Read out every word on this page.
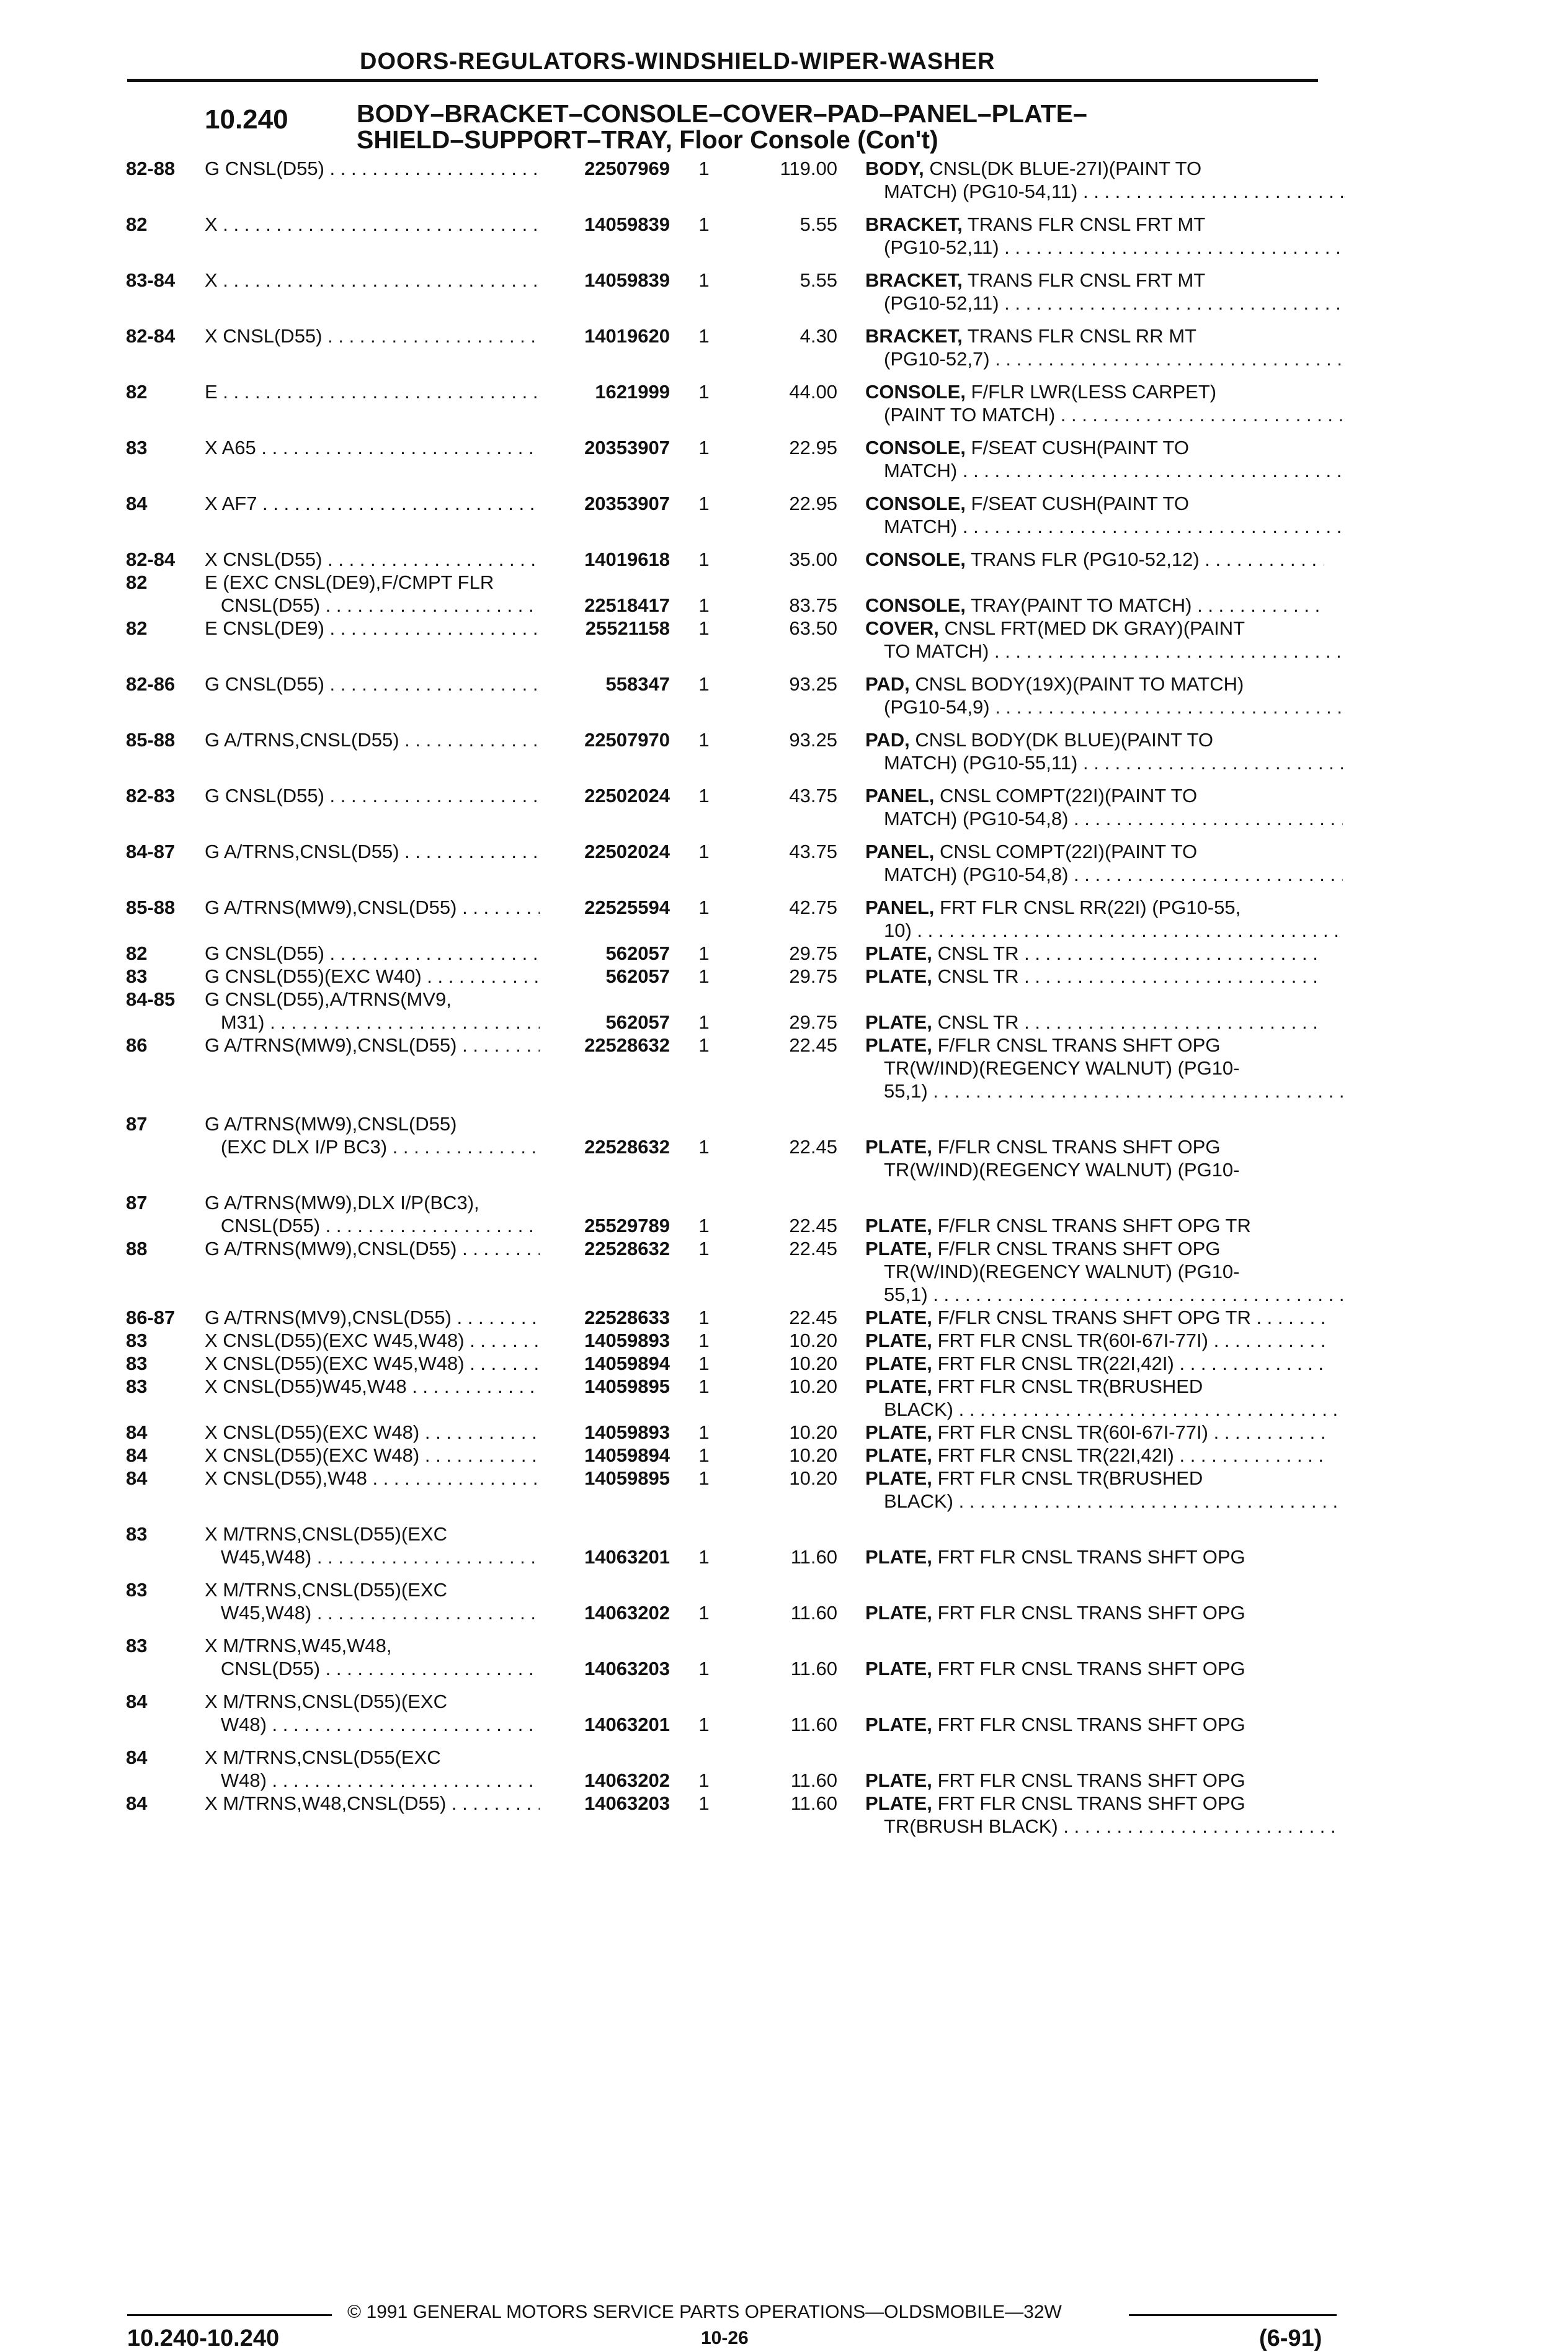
DOORS-REGULATORS-WINDSHIELD-WIPER-WASHER
10.240	BODY–BRACKET–CONSOLE–COVER–PAD–PANEL–PLATE–
SHIELD–SUPPORT–TRAY, Floor Console (Con't)
82-88 G CNSL(D55) . . .	22507969 1	119.00 BODY, CNSL(DK BLUE-27I)(PAINT TO
MATCH) (PG10-54,11) . . .
82	X . . .	14059839 1	5.55 BRACKET, TRANS FLR CNSL FRT MT
(PG10-52,11) . . .
83-84 X . . .	14059839 1	5.55 BRACKET, TRANS FLR CNSL FRT MT
(PG10-52,11) . . .
82-84 X CNSL(D55) . . .	14019620 1	4.30 BRACKET, TRANS FLR CNSL RR MT
(PG10-52,7) . . .
82	E . . .	1621999 1	44.00 CONSOLE, F/FLR LWR(LESS CARPET)
(PAINT TO MATCH) . . .
83	X A65 . . .	20353907 1	22.95 CONSOLE, F/SEAT CUSH(PAINT TO
MATCH) . . .
84	X AF7 . . .	20353907 1	22.95 CONSOLE, F/SEAT CUSH(PAINT TO
MATCH) . . .
82-84 X CNSL(D55) . . .	14019618 1	35.00 CONSOLE, TRANS FLR (PG10-52,12) . . .
82	E (EXC CNSL(DE9),F/CMPT FLR
CNSL(D55) . . .	22518417 1	83.75 CONSOLE, TRAY(PAINT TO MATCH) . . .
82	E CNSL(DE9) . . .	25521158 1	63.50 COVER, CNSL FRT(MED DK GRAY)(PAINT
TO MATCH) . . .
82-86 G CNSL(D55) . . .	558347 1	93.25 PAD, CNSL BODY(19X)(PAINT TO MATCH)
(PG10-54,9) . . .
85-88 G A/TRNS,CNSL(D55) . . .	22507970 1	93.25 PAD, CNSL BODY(DK BLUE)(PAINT TO
MATCH) (PG10-55,11) . . .
82-83 G CNSL(D55) . . .	22502024 1	43.75 PANEL, CNSL COMPT(22I)(PAINT TO
MATCH) (PG10-54,8) . . .
84-87 G A/TRNS,CNSL(D55) . . .	22502024 1	43.75 PANEL, CNSL COMPT(22I)(PAINT TO
MATCH) (PG10-54,8) . . .
85-88 G A/TRNS(MW9),CNSL(D55) . . .	22525594 1	42.75 PANEL, FRT FLR CNSL RR(22I) (PG10-55,
10) . . .
82	G CNSL(D55) . . .	562057 1	29.75 PLATE, CNSL TR . . .
83	G CNSL(D55)(EXC W40) . . .	562057 1	29.75 PLATE, CNSL TR . . .
84-85 G CNSL(D55),A/TRNS(MV9,
M31) . . .	562057 1	29.75 PLATE, CNSL TR . . .
86	G A/TRNS(MW9),CNSL(D55) . . .	22528632 1	22.45 PLATE, F/FLR CNSL TRANS SHFT OPG
TR(W/IND)(REGENCY WALNUT) (PG10-
55,1) . . .
87	G A/TRNS(MW9),CNSL(D55)
(EXC DLX I/P BC3) . . .	22528632 1	22.45 PLATE, F/FLR CNSL TRANS SHFT OPG
TR(W/IND)(REGENCY WALNUT) (PG10-
87	G A/TRNS(MW9),DLX I/P(BC3),
CNSL(D55) . . .	25529789 1	22.45 PLATE, F/FLR CNSL TRANS SHFT OPG TR
88	G A/TRNS(MW9),CNSL(D55) . . .	22528632 1	22.45 PLATE, F/FLR CNSL TRANS SHFT OPG
TR(W/IND)(REGENCY WALNUT) (PG10-
55,1) . . .
86-87 G A/TRNS(MV9),CNSL(D55) . . .	22528633 1	22.45 PLATE, F/FLR CNSL TRANS SHFT OPG TR . . .
83	X CNSL(D55)(EXC W45,W48) . . .	14059893 1	10.20 PLATE, FRT FLR CNSL TR(60I-67I-77I) . . .
83	X CNSL(D55)(EXC W45,W48) . . .	14059894 1	10.20 PLATE, FRT FLR CNSL TR(22I,42I) . . .
83	X CNSL(D55)W45,W48 . . .	14059895 1	10.20 PLATE, FRT FLR CNSL TR(BRUSHED
BLACK) . . .
84	X CNSL(D55)(EXC W48) . . .	14059893 1	10.20 PLATE, FRT FLR CNSL TR(60I-67I-77I) . . .
84	X CNSL(D55)(EXC W48) . . .	14059894 1	10.20 PLATE, FRT FLR CNSL TR(22I,42I) . . .
84	X CNSL(D55),W48 . . .	14059895 1	10.20 PLATE, FRT FLR CNSL TR(BRUSHED
BLACK) . . .
83	X M/TRNS,CNSL(D55)(EXC
W45,W48) . . .	14063201 1	11.60 PLATE, FRT FLR CNSL TRANS SHFT OPG
83	X M/TRNS,CNSL(D55)(EXC
W45,W48) . . .	14063202 1	11.60 PLATE, FRT FLR CNSL TRANS SHFT OPG
83	X M/TRNS,W45,W48,
CNSL(D55) . . .	14063203 1	11.60 PLATE, FRT FLR CNSL TRANS SHFT OPG
84	X M/TRNS,CNSL(D55)(EXC
W48) . . .	14063201 1	11.60 PLATE, FRT FLR CNSL TRANS SHFT OPG
84	X M/TRNS,CNSL(D55(EXC
W48) . . .	14063202 1	11.60 PLATE, FRT FLR CNSL TRANS SHFT OPG
84	X M/TRNS,W48,CNSL(D55) . . .	14063203 1	11.60 PLATE, FRT FLR CNSL TRANS SHFT OPG
TR(BRUSH BLACK) . . .
© 1991 GENERAL MOTORS SERVICE PARTS OPERATIONS—OLDSMOBILE—32W
10.240-10.240	10-26	(6-91)
